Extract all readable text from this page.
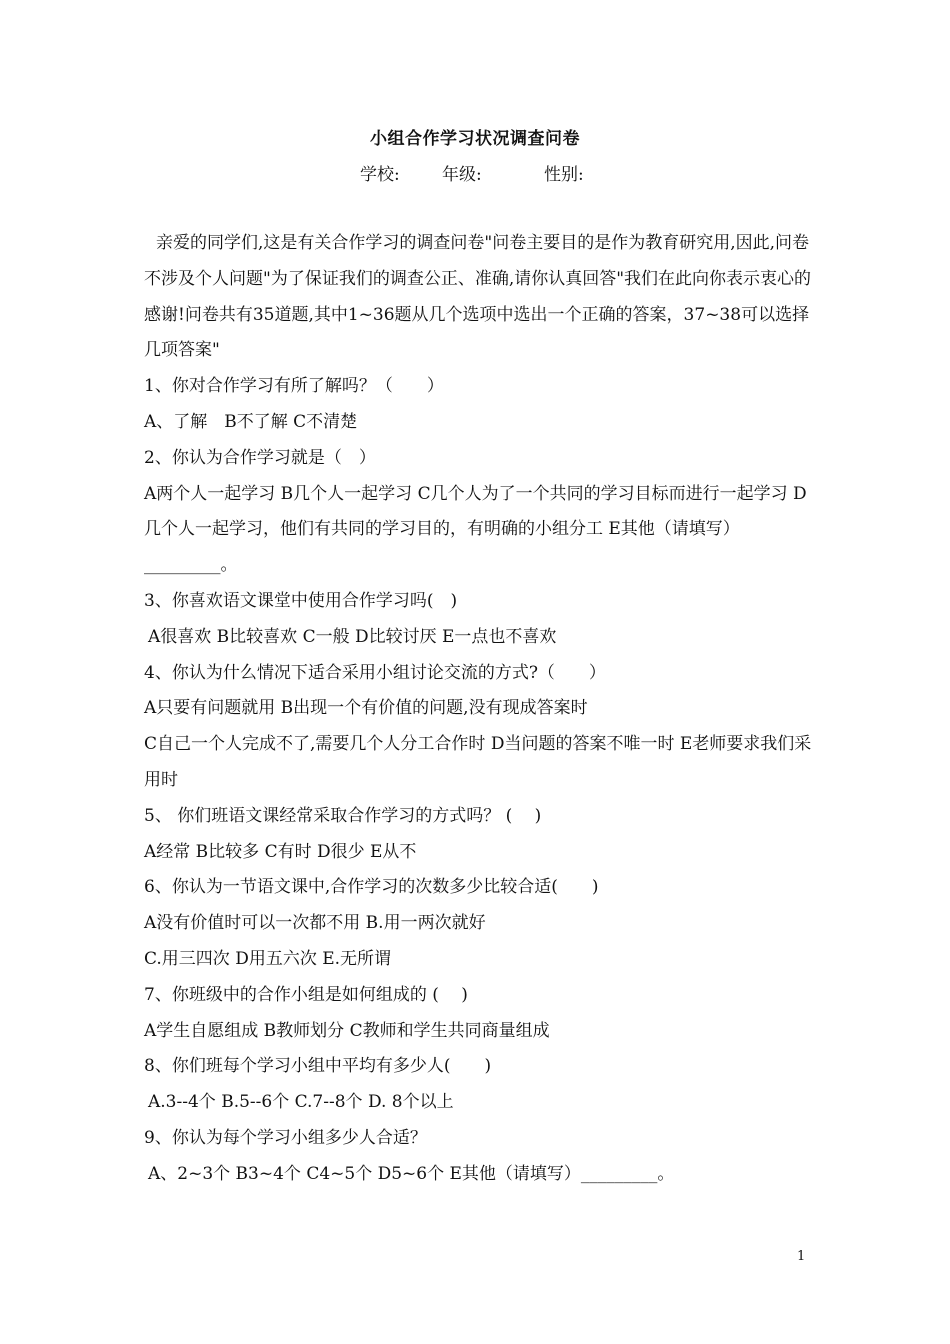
小组合作学习状况调查问卷
学校: 年级:	性别:

亲爱的同学们,这是有关合作学习的调查问卷"问卷主要目的是作为教育研究用,因此,问卷不涉及个人问题"为了保证我们的调查公正、准确,请你认真回答"我们在此向你表示衷心的感谢!问卷共有35道题,其中1~36题从几个选项中选出一个正确的答案，37~38可以选择几项答案"

1、你对合作学习有所了解吗？（　　）

A、了解　B不了解 C不清楚

2、你认为合作学习就是（　）

A两个人一起学习 B几个人一起学习 C几个人为了一个共同的学习目标而进行一起学习 D几个人一起学习，他们有共同的学习目的，有明确的小组分工 E其他（请填写）_________。

3、你喜欢语文课堂中使用合作学习吗(　)

A很喜欢 B比较喜欢 C一般 D比较讨厌 E一点也不喜欢

4、你认为什么情况下适合采用小组讨论交流的方式?（　　）

A只要有问题就用 B出现一个有价值的问题,没有现成答案时

C自己一个人完成不了,需要几个人分工合作时 D当问题的答案不唯一时 E老师要求我们采用时

5、 你们班语文课经常采取合作学习的方式吗？ (　 )

A经常 B比较多 C有时 D很少 E从不

6、你认为一节语文课中,合作学习的次数多少比较合适(　　)

A没有价值时可以一次都不用 B.用一两次就好

C.用三四次 D用五六次 E.无所谓

7、你班级中的合作小组是如何组成的 (　 )

A学生自愿组成 B教师划分 C教师和学生共同商量组成

8、你们班每个学习小组中平均有多少人(　　)

A.3--4个 B.5--6个 C.7--8个 D. 8个以上

9、你认为每个学习小组多少人合适？

A、2~3个 B3~4个 C4~5个 D5~6个 E其他（请填写）_________。

1
